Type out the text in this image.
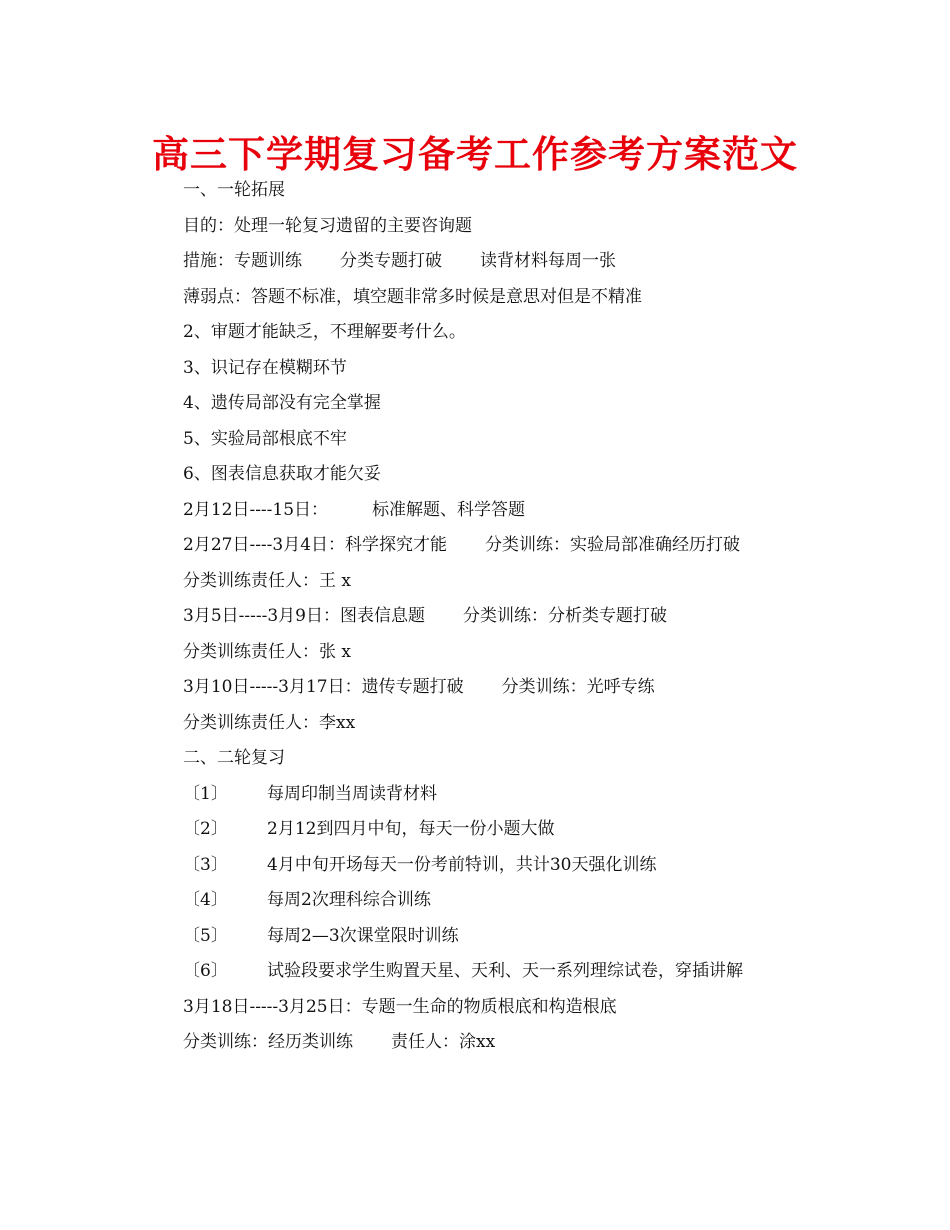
高三下学期复习备考工作参考方案范文

一、一轮拓展

目的：处理一轮复习遗留的主要咨询题

措施：专题训练 分类专题打破 读背材料每周一张

薄弱点：答题不标准，填空题非常多时候是意思对但是不精准

2、审题才能缺乏，不理解要考什么。

3、识记存在模糊环节

4、遗传局部没有完全掌握

5、实验局部根底不牢

6、图表信息获取才能欠妥

2月12日----15日：	标准解题、科学答题

2月27日----3月4日：科学探究才能 分类训练：实验局部准确经历打破

分类训练责任人：王 x

3月5日-----3月9日：图表信息题 分类训练：分析类专题打破

分类训练责任人：张 x

3月10日-----3月17日：遗传专题打破 分类训练：光呼专练

分类训练责任人：李xx

二、二轮复习

〔1〕 每周印制当周读背材料

〔2〕 2月12到四月中旬，每天一份小题大做

〔3〕 4月中旬开场每天一份考前特训，共计30天强化训练

〔4〕 每周2次理科综合训练

〔5〕 每周2—3次课堂限时训练

〔6〕 试验段要求学生购置天星、天利、天一系列理综试卷，穿插讲解

3月18日-----3月25日：专题一生命的物质根底和构造根底

分类训练：经历类训练 责任人：涂xx
